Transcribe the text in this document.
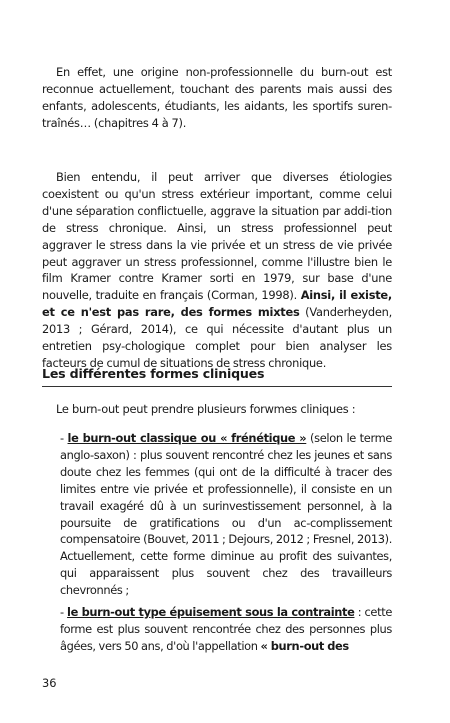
En effet, une origine non-professionnelle du burn-out est reconnue actuellement, touchant des parents mais aussi des enfants, adolescents, étudiants, les aidants, les sportifs suren-traînés… (chapitres 4 à 7).

Bien entendu, il peut arriver que diverses étiologies coexistent ou qu'un stress extérieur important, comme celui d'une séparation conflictuelle, aggrave la situation par addi-tion de stress chronique. Ainsi, un stress professionnel peut aggraver le stress dans la vie privée et un stress de vie privée peut aggraver un stress professionnel, comme l'illustre bien le film Kramer contre Kramer sorti en 1979, sur base d'une nouvelle, traduite en français (Corman, 1998). Ainsi, il existe, et ce n'est pas rare, des formes mixtes (Vanderheyden, 2013 ; Gérard, 2014), ce qui nécessite d'autant plus un entretien psy-chologique complet pour bien analyser les facteurs de cumul de situations de stress chronique.

Les différentes formes cliniques
Le burn-out peut prendre plusieurs forwmes cliniques :
- le burn-out classique ou « frénétique » (selon le terme anglo-saxon) : plus souvent rencontré chez les jeunes et sans doute chez les femmes (qui ont de la difficulté à tracer des limites entre vie privée et professionnelle), il consiste en un travail exagéré dû à un surinvestissement personnel, à la poursuite de gratifications ou d'un ac-complissement compensatoire (Bouvet, 2011 ; Dejours, 2012 ; Fresnel, 2013). Actuellement, cette forme diminue au profit des suivantes, qui apparaissent plus souvent chez des travailleurs chevronnés ;
- le burn-out type épuisement sous la contrainte : cette forme est plus souvent rencontrée chez des personnes plus âgées, vers 50 ans, d'où l'appellation « burn-out des
36
